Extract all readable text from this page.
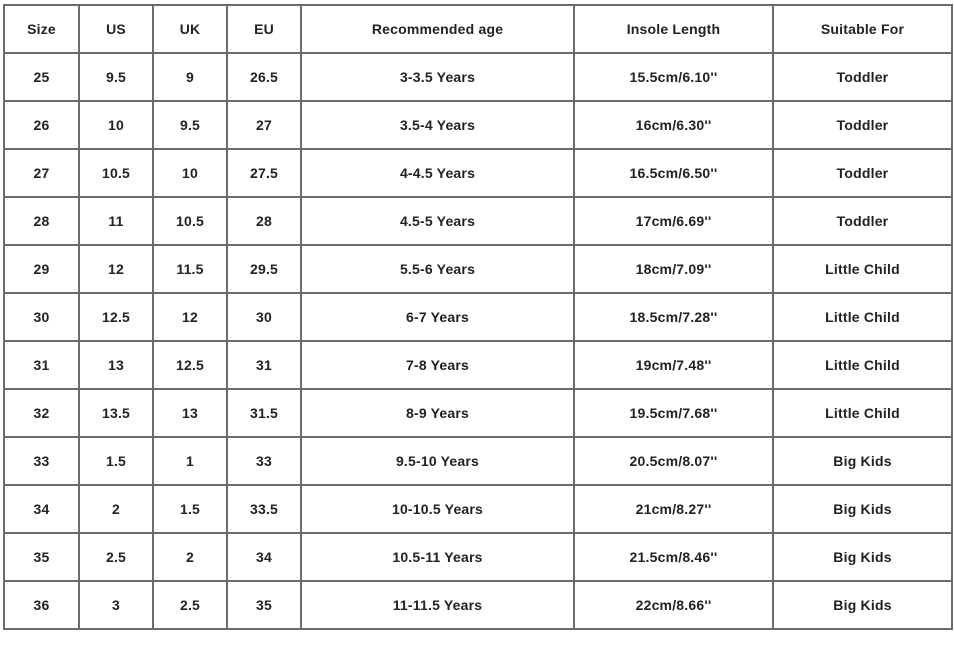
Size	US	UK	EU	Recommended age	Insole Length	Suitable For
25	9.5	9	26.5	3-3.5 Years	15.5cm/6.10''	Toddler
26	10	9.5	27	3.5-4 Years	16cm/6.30''	Toddler
27	10.5	10	27.5	4-4.5 Years	16.5cm/6.50''	Toddler
28	11	10.5	28	4.5-5 Years	17cm/6.69''	Toddler
29	12	11.5	29.5	5.5-6 Years	18cm/7.09''	Little Child
30	12.5	12	30	6-7 Years	18.5cm/7.28''	Little Child
31	13	12.5	31	7-8 Years	19cm/7.48''	Little Child
32	13.5	13	31.5	8-9 Years	19.5cm/7.68''	Little Child
33	1.5	1	33	9.5-10 Years	20.5cm/8.07''	Big Kids
34	2	1.5	33.5	10-10.5 Years	21cm/8.27''	Big Kids
35	2.5	2	34	10.5-11 Years	21.5cm/8.46''	Big Kids
36	3	2.5	35	11-11.5 Years	22cm/8.66''	Big Kids
